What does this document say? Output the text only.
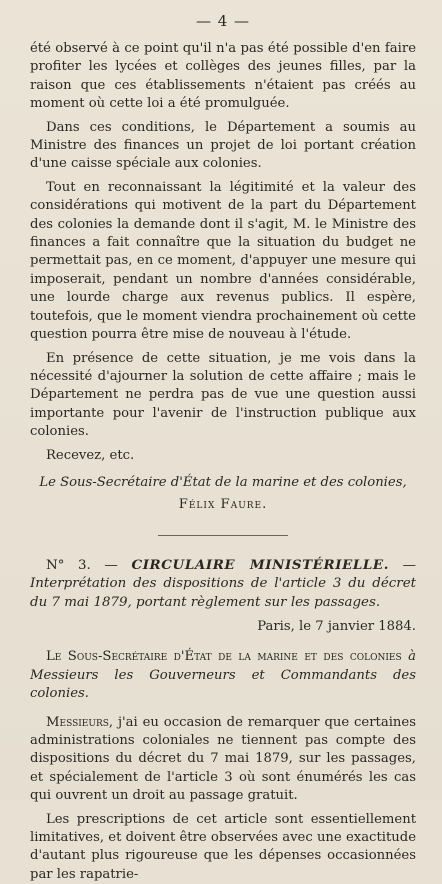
— 4 —

été observé à ce point qu'il n'a pas été possible d'en faire profiter les lycées et collèges des jeunes filles, par la raison que ces établissements n'étaient pas créés au moment où cette loi a été promulguée.

Dans ces conditions, le Département a soumis au Ministre des finances un projet de loi portant création d'une caisse spéciale aux colonies.

Tout en reconnaissant la légitimité et la valeur des considérations qui motivent de la part du Département des colonies la demande dont il s'agit, M. le Ministre des finances a fait connaître que la situation du budget ne permettait pas, en ce moment, d'appuyer une mesure qui imposerait, pendant un nombre d'années considérable, une lourde charge aux revenus publics. Il espère, toutefois, que le moment viendra prochainement où cette question pourra être mise de nouveau à l'étude.

En présence de cette situation, je me vois dans la nécessité d'ajourner la solution de cette affaire ; mais le Département ne perdra pas de vue une question aussi importante pour l'avenir de l'instruction publique aux colonies.

Recevez, etc.

Le Sous-Secrétaire d'État de la marine et des colonies,

Félix Faure.

N° 3. — CIRCULAIRE MINISTÉRIELLE. — Interprétation des dispositions de l'article 3 du décret du 7 mai 1879, portant règlement sur les passages.

Paris, le 7 janvier 1884.

Le Sous-Secrétaire d'État de la marine et des colonies à Messieurs les Gouverneurs et Commandants des colonies.

Messieurs, j'ai eu occasion de remarquer que certaines administrations coloniales ne tiennent pas compte des dispositions du décret du 7 mai 1879, sur les passages, et spécialement de l'article 3 où sont énumérés les cas qui ouvrent un droit au passage gratuit.

Les prescriptions de cet article sont essentiellement limitatives, et doivent être observées avec une exactitude d'autant plus rigoureuse que les dépenses occasionnées par les rapatrie-
